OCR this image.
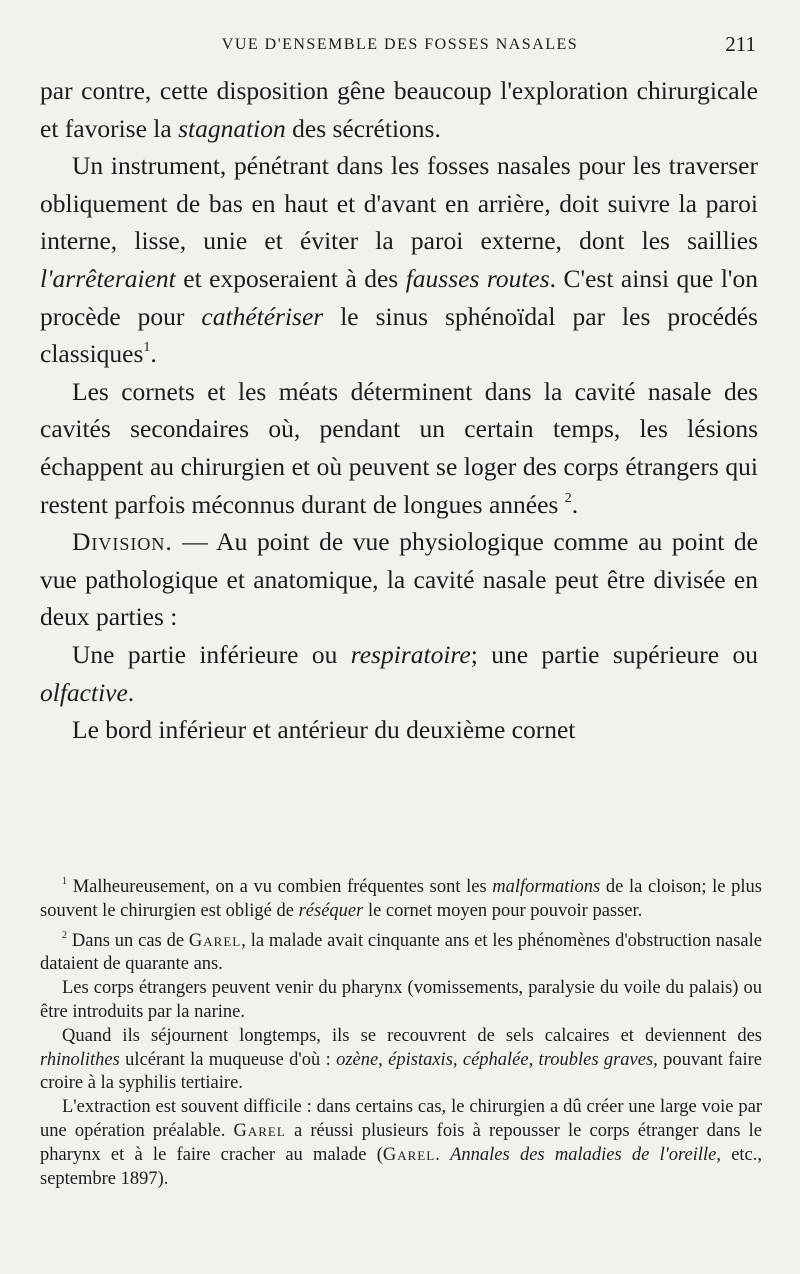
VUE D'ENSEMBLE DES FOSSES NASALES	211

par contre, cette disposition gêne beaucoup l'exploration chirurgicale et favorise la stagnation des sécrétions.

Un instrument, pénétrant dans les fosses nasales pour les traverser obliquement de bas en haut et d'avant en arrière, doit suivre la paroi interne, lisse, unie et éviter la paroi externe, dont les saillies l'arrêteraient et exposeraient à des fausses routes. C'est ainsi que l'on procède pour cathétériser le sinus sphénoïdal par les procédés classiques$^1$.

Les cornets et les méats déterminent dans la cavité nasale des cavités secondaires où, pendant un certain temps, les lésions échappent au chirurgien et où peuvent se loger des corps étrangers qui restent parfois méconnus durant de longues années $^2$.

Division. — Au point de vue physiologique comme au point de vue pathologique et anatomique, la cavité nasale peut être divisée en deux parties :

Une partie inférieure ou respiratoire; une partie supérieure ou olfactive.

Le bord inférieur et antérieur du deuxième cornet

$^1$ Malheureusement, on a vu combien fréquentes sont les malformations de la cloison; le plus souvent le chirurgien est obligé de réséquer le cornet moyen pour pouvoir passer.

$^2$ Dans un cas de Garel, la malade avait cinquante ans et les phénomènes d'obstruction nasale dataient de quarante ans.

Les corps étrangers peuvent venir du pharynx (vomissements, paralysie du voile du palais) ou être introduits par la narine.

Quand ils séjournent longtemps, ils se recouvrent de sels calcaires et deviennent des rhinolithes ulcérant la muqueuse d'où : ozène, épistaxis, céphalée, troubles graves, pouvant faire croire à la syphilis tertiaire.

L'extraction est souvent difficile : dans certains cas, le chirurgien a dû créer une large voie par une opération préalable. Garel a réussi plusieurs fois à repousser le corps étranger dans le pharynx et à le faire cracher au malade (Garel. Annales des maladies de l'oreille, etc., septembre 1897).
